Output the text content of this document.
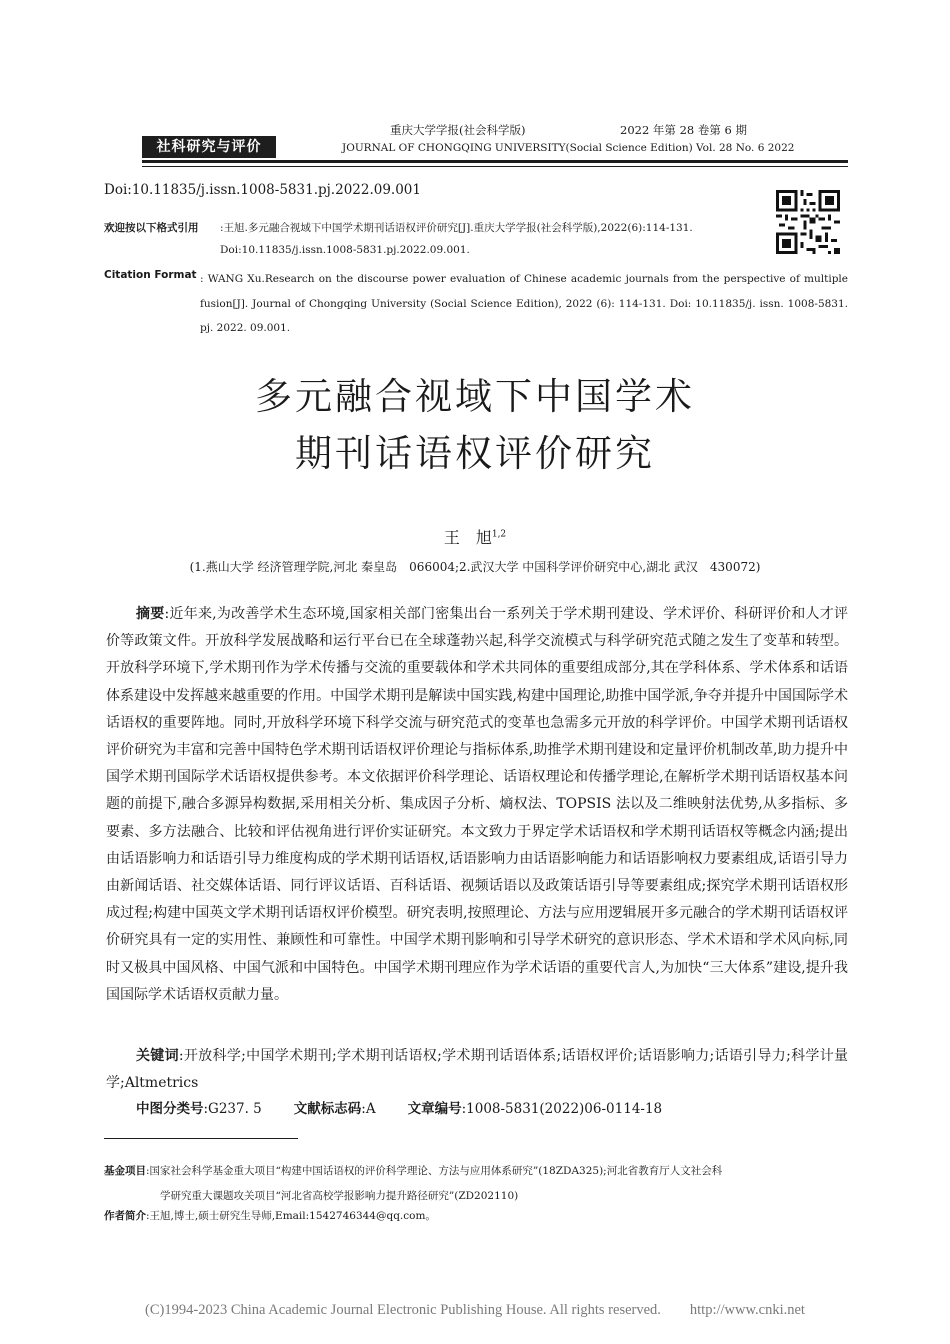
社科研究与评价
重庆大学学报(社会科学版)	2022 年第 28 卷第 6 期
JOURNAL OF CHONGQING UNIVERSITY(Social Science Edition) Vol. 28 No. 6 2022
Doi:10.11835/j.issn.1008-5831.pj.2022.09.001
欢迎按以下格式引用 :王旭.多元融合视域下中国学术期刊话语权评价研究[J].重庆大学学报(社会科学版),2022(6):114-131.
Doi:10.11835/j.issn.1008-5831.pj.2022.09.001.
Citation Format : WANG Xu.Research on the discourse power evaluation of Chinese academic journals from the perspective of multiple fusion[J]. Journal of Chongqing University (Social Science Edition), 2022 (6): 114-131. Doi: 10.11835/j. issn. 1008-5831. pj. 2022. 09.001.
多元融合视域下中国学术
期刊话语权评价研究
王　旭$^{1,2}$
(1.燕山大学 经济管理学院,河北 秦皇岛　066004;2.武汉大学 中国科学评价研究中心,湖北 武汉　430072)
摘要:近年来,为改善学术生态环境,国家相关部门密集出台一系列关于学术期刊建设、学术评价、科研评价和人才评价等政策文件。开放科学发展战略和运行平台已在全球蓬勃兴起,科学交流模式与科学研究范式随之发生了变革和转型。开放科学环境下,学术期刊作为学术传播与交流的重要载体和学术共同体的重要组成部分,其在学科体系、学术体系和话语体系建设中发挥越来越重要的作用。中国学术期刊是解读中国实践,构建中国理论,助推中国学派,争夺并提升中国国际学术话语权的重要阵地。同时,开放科学环境下科学交流与研究范式的变革也急需多元开放的科学评价。中国学术期刊话语权评价研究为丰富和完善中国特色学术期刊话语权评价理论与指标体系,助推学术期刊建设和定量评价机制改革,助力提升中国学术期刊国际学术话语权提供参考。本文依据评价科学理论、话语权理论和传播学理论,在解析学术期刊话语权基本问题的前提下,融合多源异构数据,采用相关分析、集成因子分析、熵权法、TOPSIS 法以及二维映射法优势,从多指标、多要素、多方法融合、比较和评估视角进行评价实证研究。本文致力于界定学术话语权和学术期刊话语权等概念内涵;提出由话语影响力和话语引导力维度构成的学术期刊话语权,话语影响力由话语影响能力和话语影响权力要素组成,话语引导力由新闻话语、社交媒体话语、同行评议话语、百科话语、视频话语以及政策话语引导等要素组成;探究学术期刊话语权形成过程;构建中国英文学术期刊话语权评价模型。研究表明,按照理论、方法与应用逻辑展开多元融合的学术期刊话语权评价研究具有一定的实用性、兼顾性和可靠性。中国学术期刊影响和引导学术研究的意识形态、学术术语和学术风向标,同时又极具中国风格、中国气派和中国特色。中国学术期刊理应作为学术话语的重要代言人,为加快“三大体系”建设,提升我国国际学术话语权贡献力量。
关键词:开放科学;中国学术期刊;学术期刊话语权;学术期刊话语体系;话语权评价;话语影响力;话语引导力;科学计量学;Altmetrics
中图分类号:G237. 5 文献标志码:A 文章编号:1008-5831(2022)06-0114-18
基金项目:国家社会科学基金重大项目“构建中国话语权的评价科学理论、方法与应用体系研究”(18ZDA325);河北省教育厅人文社会科
学研究重大课题攻关项目“河北省高校学报影响力提升路径研究”(ZD202110)
作者简介:王旭,博士,硕士研究生导师,Email:1542746344@qq.com。
(C)1994-2023 China Academic Journal Electronic Publishing House. All rights reserved.　　http://www.cnki.net
